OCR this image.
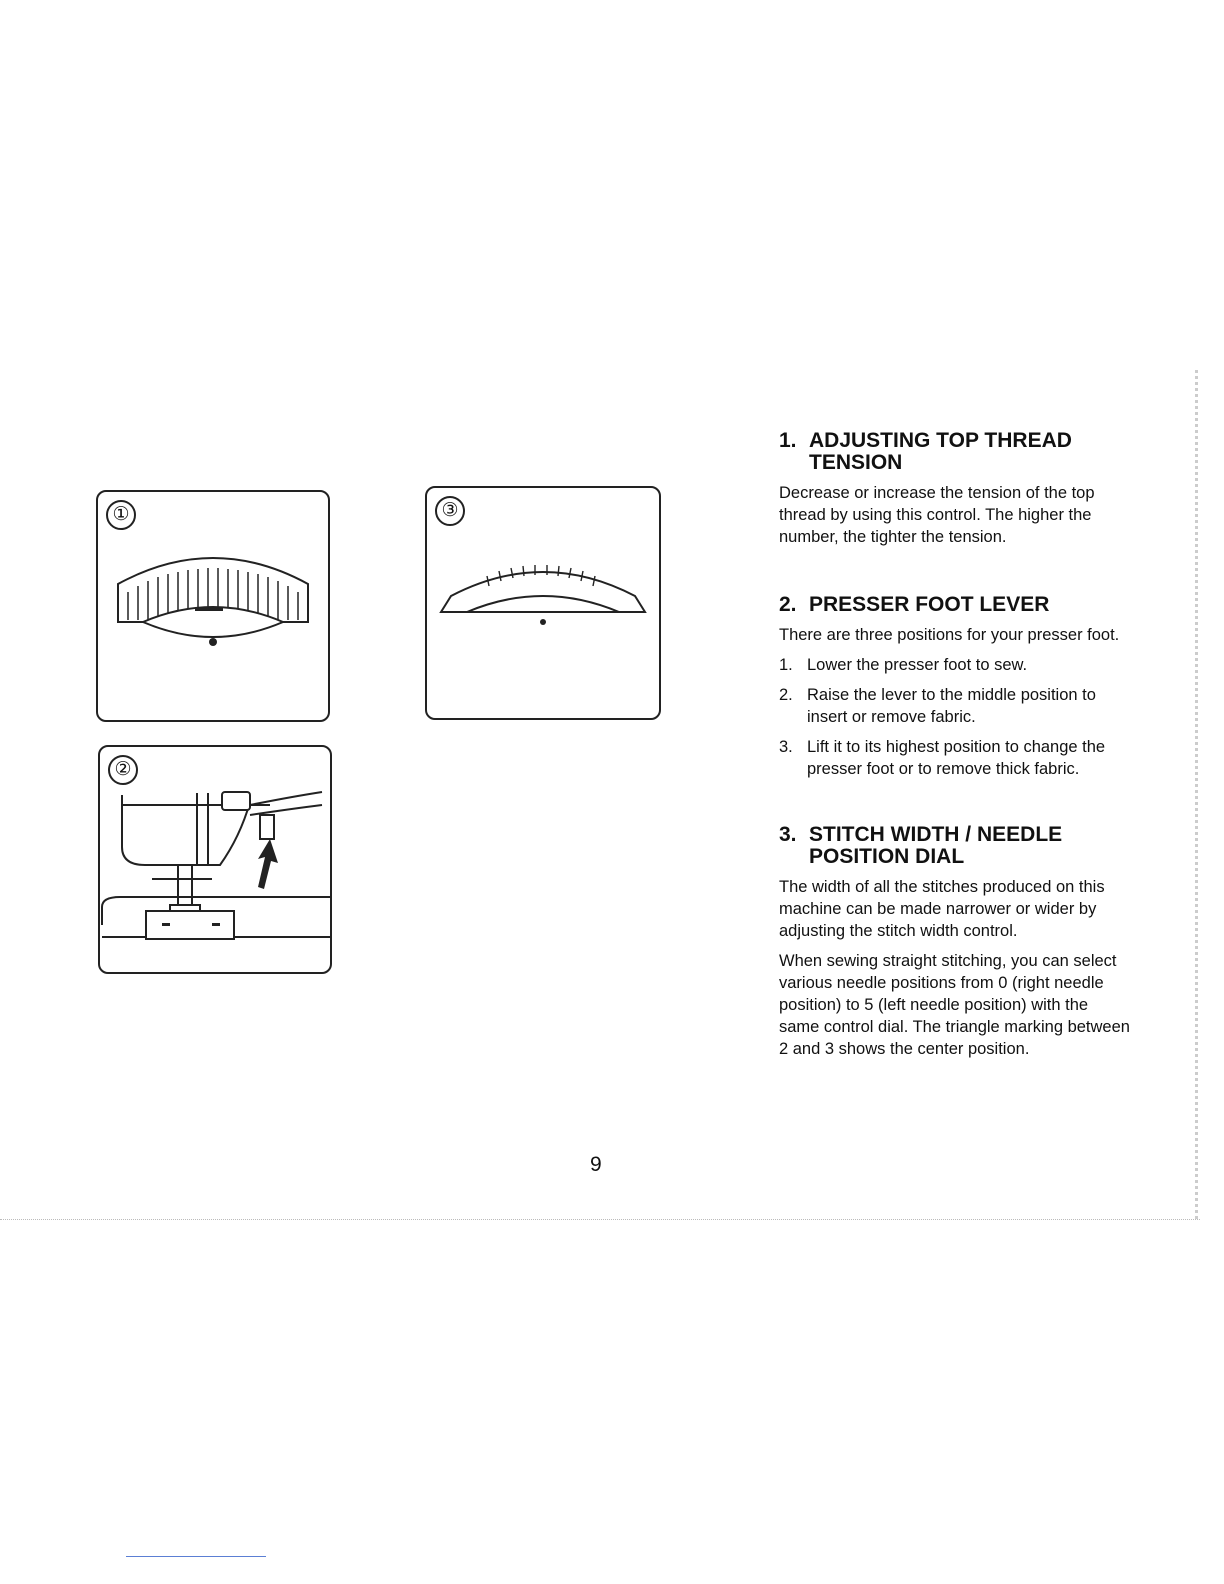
①	③
②
1. ADJUSTING TOP THREAD TENSION

Decrease or increase the tension of the top thread by using this control. The higher the number, the tighter the tension.

2. PRESSER FOOT LEVER

There are three positions for your presser foot.

1. Lower the presser foot to sew.
2. Raise the lever to the middle position to insert or remove fabric.
3. Lift it to its highest position to change the presser foot or to remove thick fabric.
3. STITCH WIDTH / NEEDLE POSITION DIAL

The width of all the stitches produced on this machine can be made narrower or wider by adjusting the stitch width control.

When sewing straight stitching, you can select various needle positions from 0 (right needle position) to 5 (left needle position) with the same control dial. The triangle marking between 2 and 3 shows the center position.

9
